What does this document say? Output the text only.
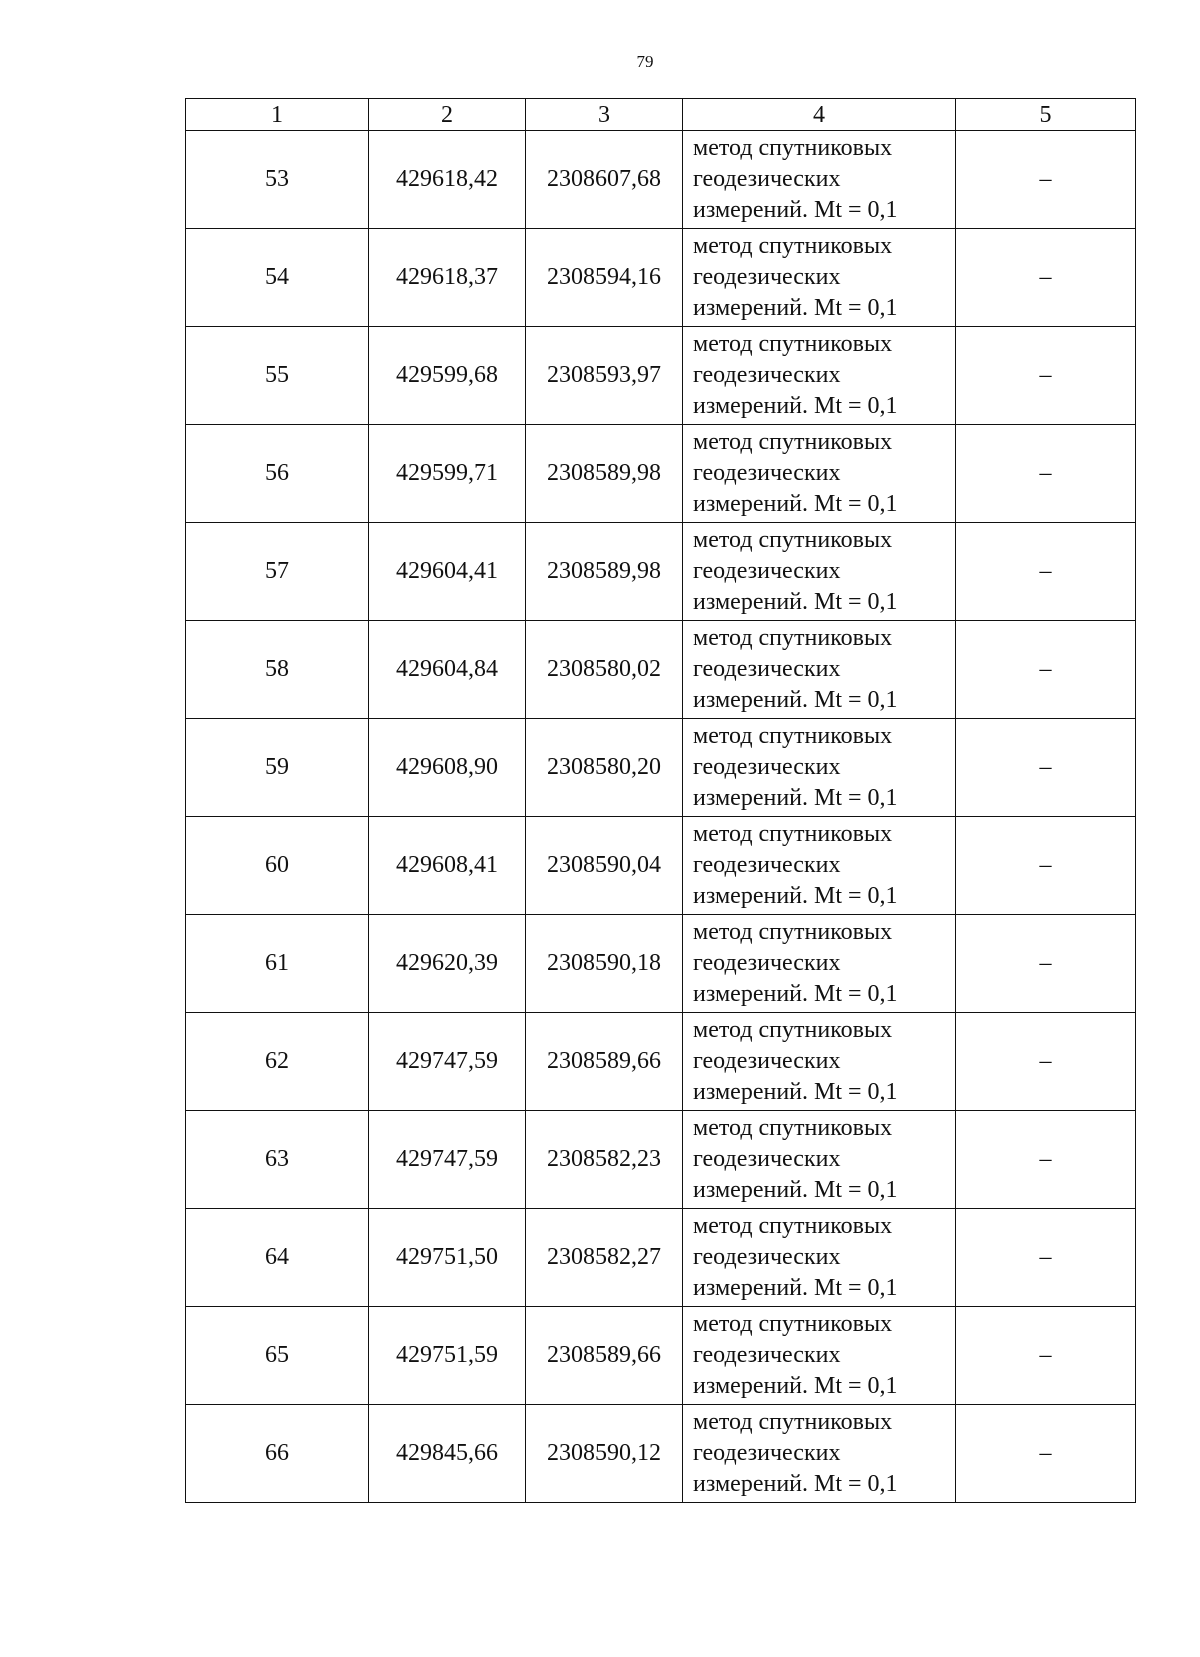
79
1	2	3	4	5
53	429618,42	2308607,68	метод спутниковых
геодезических
измерений. Mt = 0,1	–
54	429618,37	2308594,16	метод спутниковых
геодезических
измерений. Mt = 0,1	–
55	429599,68	2308593,97	метод спутниковых
геодезических
измерений. Mt = 0,1	–
56	429599,71	2308589,98	метод спутниковых
геодезических
измерений. Mt = 0,1	–
57	429604,41	2308589,98	метод спутниковых
геодезических
измерений. Mt = 0,1	–
58	429604,84	2308580,02	метод спутниковых
геодезических
измерений. Mt = 0,1	–
59	429608,90	2308580,20	метод спутниковых
геодезических
измерений. Mt = 0,1	–
60	429608,41	2308590,04	метод спутниковых
геодезических
измерений. Mt = 0,1	–
61	429620,39	2308590,18	метод спутниковых
геодезических
измерений. Mt = 0,1	–
62	429747,59	2308589,66	метод спутниковых
геодезических
измерений. Mt = 0,1	–
63	429747,59	2308582,23	метод спутниковых
геодезических
измерений. Mt = 0,1	–
64	429751,50	2308582,27	метод спутниковых
геодезических
измерений. Mt = 0,1	–
65	429751,59	2308589,66	метод спутниковых
геодезических
измерений. Mt = 0,1	–
66	429845,66	2308590,12	метод спутниковых
геодезических
измерений. Mt = 0,1	–
